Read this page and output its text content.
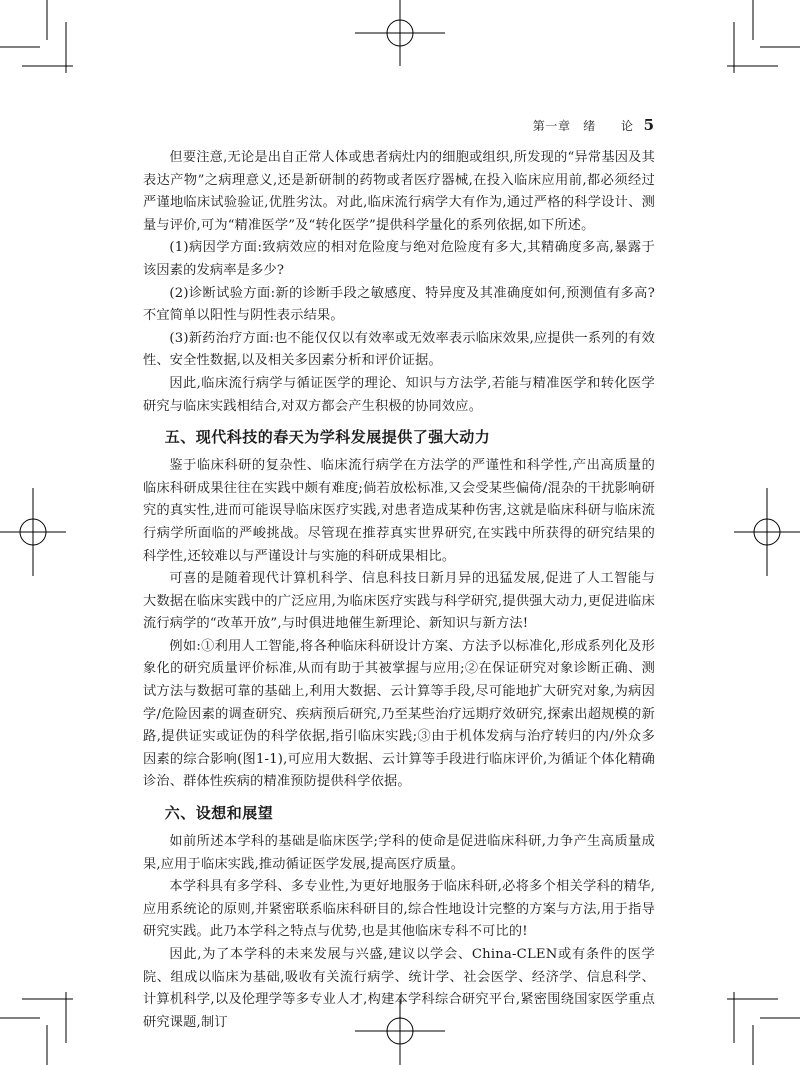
第一章　绪　　论 5

但要注意,无论是出自正常人体或患者病灶内的细胞或组织,所发现的“异常基因及其表达产物”之病理意义,还是新研制的药物或者医疗器械,在投入临床应用前,都必须经过严谨地临床试验验证,优胜劣汰。对此,临床流行病学大有作为,通过严格的科学设计、测量与评价,可为“精准医学”及“转化医学”提供科学量化的系列依据,如下所述。

(1)病因学方面:致病效应的相对危险度与绝对危险度有多大,其精确度多高,暴露于该因素的发病率是多少?

(2)诊断试验方面:新的诊断手段之敏感度、特异度及其准确度如何,预测值有多高?不宜简单以阳性与阴性表示结果。

(3)新药治疗方面:也不能仅仅以有效率或无效率表示临床效果,应提供一系列的有效性、安全性数据,以及相关多因素分析和评价证据。

因此,临床流行病学与循证医学的理论、知识与方法学,若能与精准医学和转化医学研究与临床实践相结合,对双方都会产生积极的协同效应。

五、现代科技的春天为学科发展提供了强大动力

鉴于临床科研的复杂性、临床流行病学在方法学的严谨性和科学性,产出高质量的临床科研成果往往在实践中颇有难度;倘若放松标准,又会受某些偏倚/混杂的干扰影响研究的真实性,进而可能误导临床医疗实践,对患者造成某种伤害,这就是临床科研与临床流行病学所面临的严峻挑战。尽管现在推荐真实世界研究,在实践中所获得的研究结果的科学性,还较难以与严谨设计与实施的科研成果相比。

可喜的是随着现代计算机科学、信息科技日新月异的迅猛发展,促进了人工智能与大数据在临床实践中的广泛应用,为临床医疗实践与科学研究,提供强大动力,更促进临床流行病学的“改革开放”,与时俱进地催生新理论、新知识与新方法!

例如:①利用人工智能,将各种临床科研设计方案、方法予以标准化,形成系列化及形象化的研究质量评价标准,从而有助于其被掌握与应用;②在保证研究对象诊断正确、测试方法与数据可靠的基础上,利用大数据、云计算等手段,尽可能地扩大研究对象,为病因学/危险因素的调查研究、疾病预后研究,乃至某些治疗远期疗效研究,探索出超规模的新路,提供证实或证伪的科学依据,指引临床实践;③由于机体发病与治疗转归的内/外众多因素的综合影响(图1-1),可应用大数据、云计算等手段进行临床评价,为循证个体化精确诊治、群体性疾病的精准预防提供科学依据。

六、设想和展望

如前所述本学科的基础是临床医学;学科的使命是促进临床科研,力争产生高质量成果,应用于临床实践,推动循证医学发展,提高医疗质量。

本学科具有多学科、多专业性,为更好地服务于临床科研,必将多个相关学科的精华,应用系统论的原则,并紧密联系临床科研目的,综合性地设计完整的方案与方法,用于指导研究实践。此乃本学科之特点与优势,也是其他临床专科不可比的!

因此,为了本学科的未来发展与兴盛,建议以学会、China-CLEN或有条件的医学院、组成以临床为基础,吸收有关流行病学、统计学、社会医学、经济学、信息科学、计算机科学,以及伦理学等多专业人才,构建本学科综合研究平台,紧密围绕国家医学重点研究课题,制订
